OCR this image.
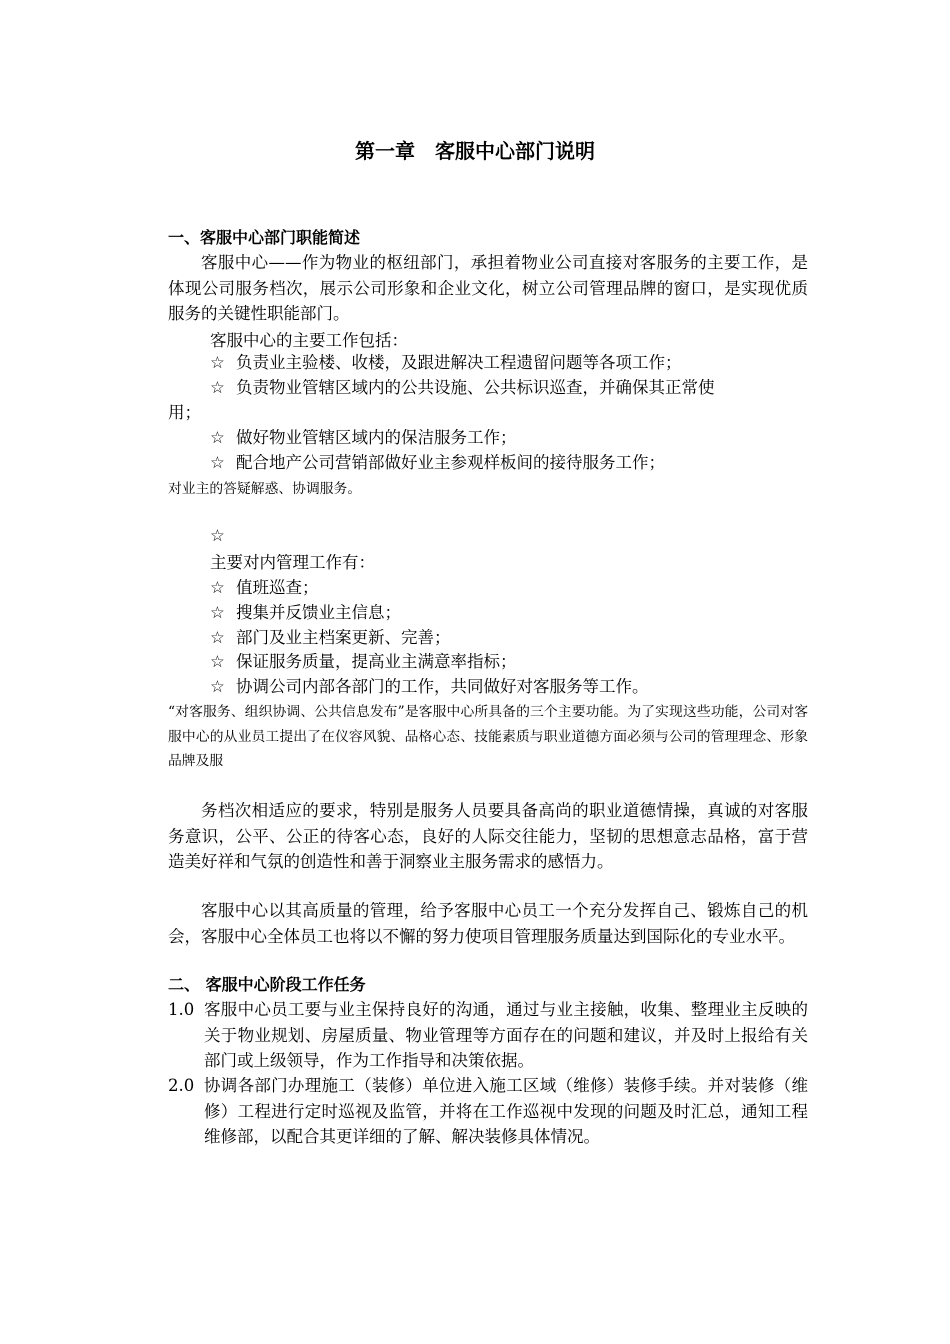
第一章　客服中心部门说明
一、客服中心部门职能简述

客服中心——作为物业的枢纽部门，承担着物业公司直接对客服务的主要工作，是体现公司服务档次，展示公司形象和企业文化，树立公司管理品牌的窗口，是实现优质服务的关键性职能部门。

客服中心的主要工作包括：

☆ 负责业主验楼、收楼，及跟进解决工程遗留问题等各项工作；

☆ 负责物业管辖区域内的公共设施、公共标识巡查，并确保其正常使

用；

☆ 做好物业管辖区域内的保洁服务工作；

☆ 配合地产公司营销部做好业主参观样板间的接待服务工作；

对业主的答疑解惑、协调服务。

☆

主要对内管理工作有：

☆ 值班巡查；

☆ 搜集并反馈业主信息；

☆ 部门及业主档案更新、完善；

☆ 保证服务质量，提高业主满意率指标；

☆ 协调公司内部各部门的工作，共同做好对客服务等工作。

“对客服务、组织协调、公共信息发布”是客服中心所具备的三个主要功能。为了实现这些功能，公司对客服中心的从业员工提出了在仪容风貌、品格心态、技能素质与职业道德方面必须与公司的管理理念、形象品牌及服

务档次相适应的要求，特别是服务人员要具备高尚的职业道德情操，真诚的对客服务意识，公平、公正的待客心态，良好的人际交往能力，坚韧的思想意志品格，富于营造美好祥和气氛的创造性和善于洞察业主服务需求的感悟力。

客服中心以其高质量的管理，给予客服中心员工一个充分发挥自己、锻炼自己的机会，客服中心全体员工也将以不懈的努力使项目管理服务质量达到国际化的专业水平。

二、 客服中心阶段工作任务
1.0 客服中心员工要与业主保持良好的沟通，通过与业主接触，收集、整理业主反映的关于物业规划、房屋质量、物业管理等方面存在的问题和建议，并及时上报给有关部门或上级领导，作为工作指导和决策依据。
2.0 协调各部门办理施工（装修）单位进入施工区域（维修）装修手续。并对装修（维修）工程进行定时巡视及监管，并将在工作巡视中发现的问题及时汇总，通知工程维修部，以配合其更详细的了解、解决装修具体情况。
